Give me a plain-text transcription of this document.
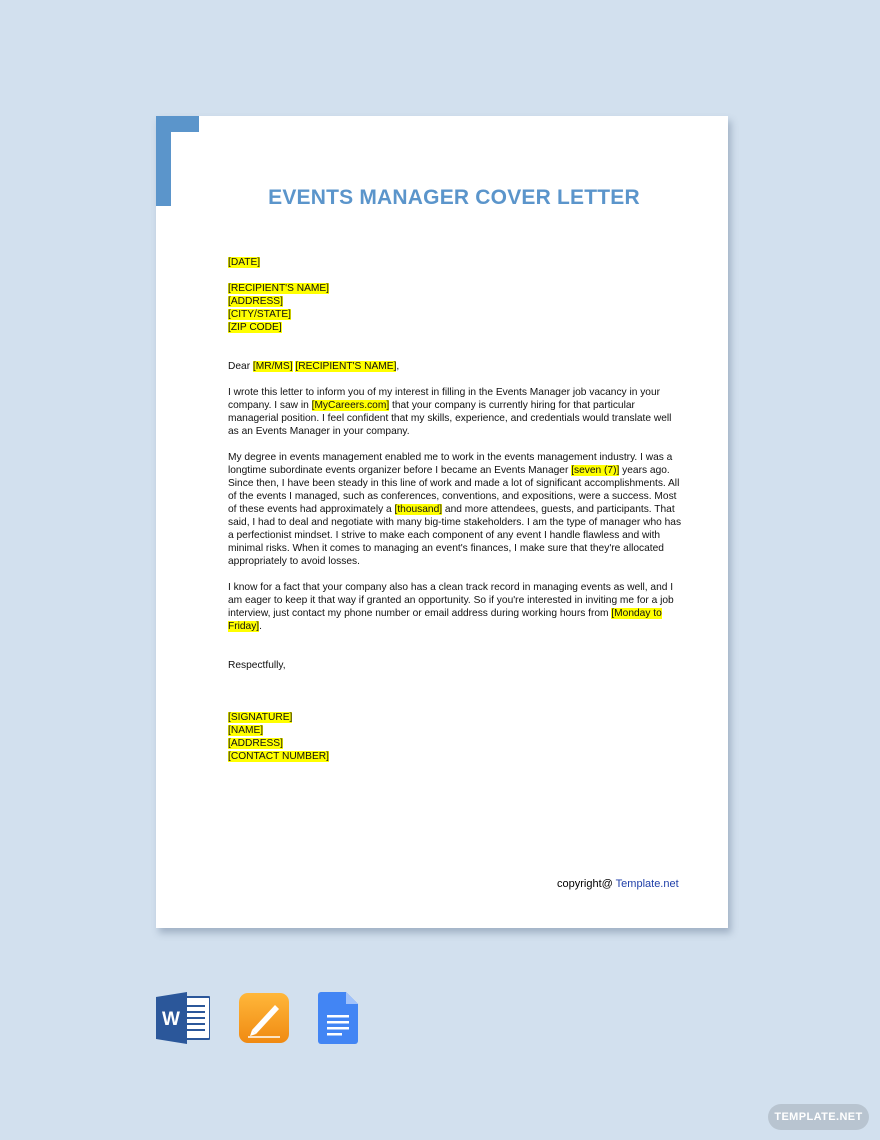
EVENTS MANAGER COVER LETTER
[DATE]
[RECIPIENT'S NAME]
[ADDRESS]
[CITY/STATE]
[ZIP CODE]

Dear [MR/MS] [RECIPIENT'S NAME],

I wrote this letter to inform you of my interest in filling in the Events Manager job vacancy in your company. I saw in [MyCareers.com] that your company is currently hiring for that particular managerial position. I feel confident that my skills, experience, and credentials would translate well as an Events Manager in your company.

My degree in events management enabled me to work in the events management industry. I was a longtime subordinate events organizer before I became an Events Manager [seven (7)] years ago. Since then, I have been steady in this line of work and made a lot of significant accomplishments. All of the events I managed, such as conferences, conventions, and expositions, were a success. Most of these events had approximately a [thousand] and more attendees, guests, and participants. That said, I had to deal and negotiate with many big-time stakeholders. I am the type of manager who has a perfectionist mindset. I strive to make each component of any event I handle flawless and with minimal risks. When it comes to managing an event's finances, I make sure that they're allocated appropriately to avoid losses.

I know for a fact that your company also has a clean track record in managing events as well, and I am eager to keep it that way if granted an opportunity. So if you're interested in inviting me for a job interview, just contact my phone number or email address during working hours from [Monday to Friday].

Respectfully,

[SIGNATURE]
[NAME]
[ADDRESS]
[CONTACT NUMBER]
copyright@ Template.net
W
TEMPLATE.NET
